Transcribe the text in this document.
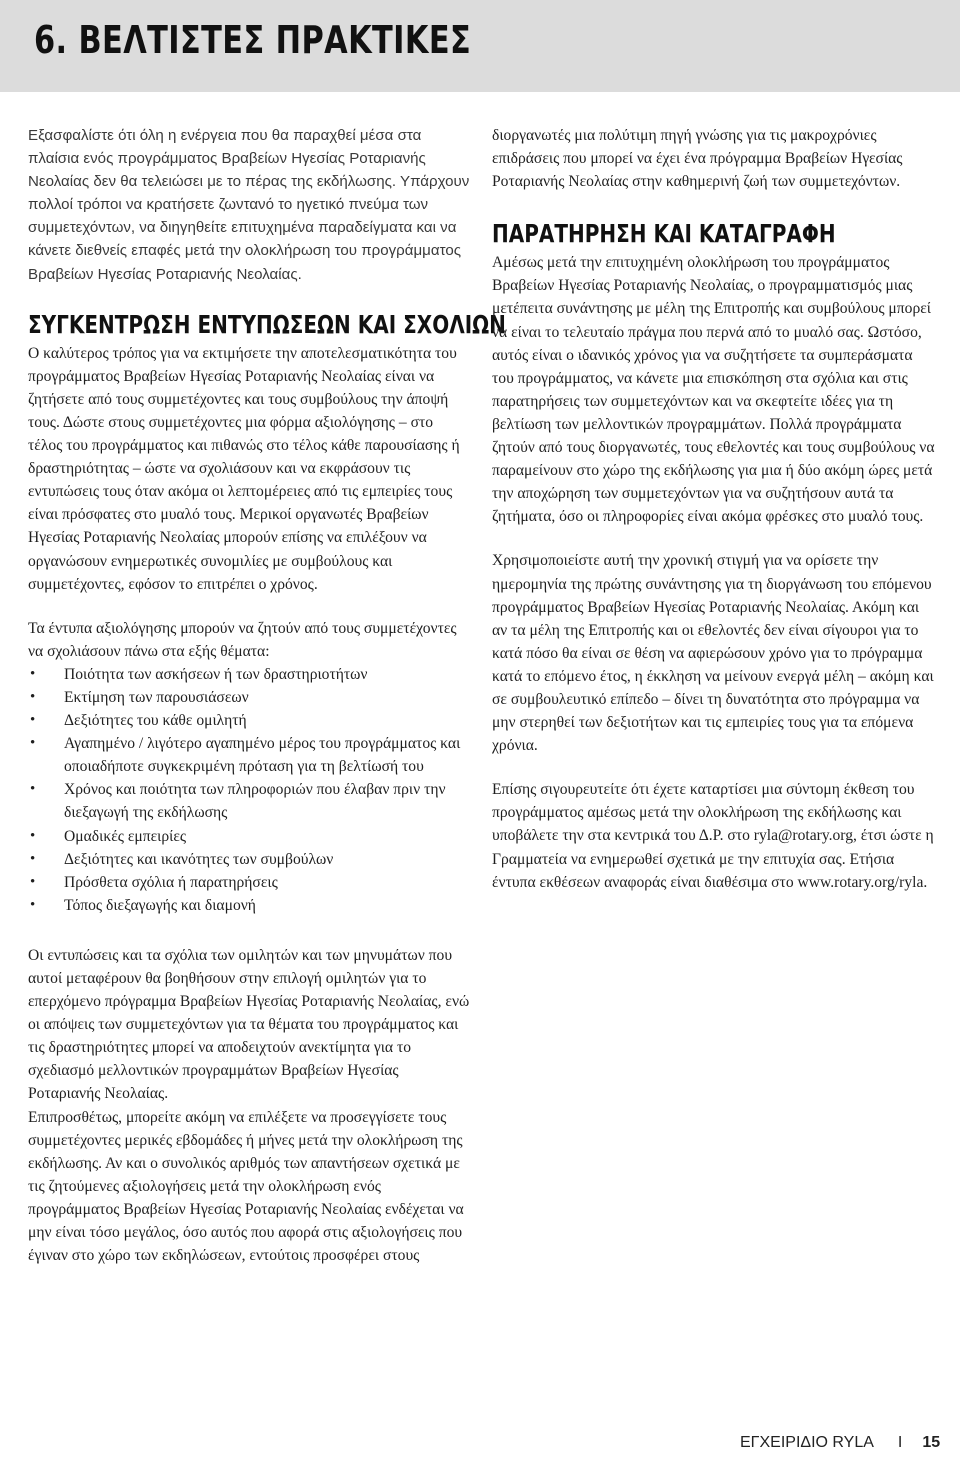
6. ΒΕΛΤΙΣΤΕΣ ΠΡΑΚΤΙΚΕΣ

Εξασφαλίστε ότι όλη η ενέργεια που θα παραχθεί μέσα στα πλαίσια ενός προγράμματος Βραβείων Ηγεσίας Ροταριανής Νεολαίας δεν θα τελειώσει με το πέρας της εκδήλωσης. Υπάρχουν πολλοί τρόποι να κρατήσετε ζωντανό το ηγετικό πνεύμα των συμμετεχόντων, να διηγηθείτε επιτυχημένα παραδείγματα και να κάνετε διεθνείς επαφές μετά την ολοκλήρωση του προγράμματος Βραβείων Ηγεσίας Ροταριανής Νεολαίας.

ΣΥΓΚΕΝΤΡΩΣΗ ΕΝΤΥΠΩΣΕΩΝ ΚΑΙ ΣΧΟΛΙΩΝ

Ο καλύτερος τρόπος για να εκτιμήσετε την αποτελεσματικότητα του προγράμματος Βραβείων Ηγεσίας Ροταριανής Νεολαίας είναι να ζητήσετε από τους συμμετέχοντες και τους συμβούλους την άποψή τους. Δώστε στους συμμετέχοντες μια φόρμα αξιολόγησης – στο τέλος του προγράμματος και πιθανώς στο τέλος κάθε παρουσίασης ή δραστηριότητας – ώστε να σχολιάσουν και να εκφράσουν τις εντυπώσεις τους όταν ακόμα οι λεπτομέρειες από τις εμπειρίες τους είναι πρόσφατες στο μυαλό τους. Μερικοί οργανωτές Βραβείων Ηγεσίας Ροταριανής Νεολαίας μπορούν επίσης να επιλέξουν να οργανώσουν ενημερωτικές συνομιλίες με συμβούλους και συμμετέχοντες, εφόσον το επιτρέπει ο χρόνος.

Τα έντυπα αξιολόγησης μπορούν να ζητούν από τους συμμετέχοντες να σχολιάσουν πάνω στα εξής θέματα:

• Ποιότητα των ασκήσεων ή των δραστηριοτήτων
• Εκτίμηση των παρουσιάσεων
• Δεξιότητες του κάθε ομιλητή
• Αγαπημένο / λιγότερο αγαπημένο μέρος του προγράμματος και οποιαδήποτε συγκεκριμένη πρόταση για τη βελτίωσή του
• Χρόνος και ποιότητα των πληροφοριών που έλαβαν πριν την διεξαγωγή της εκδήλωσης
• Ομαδικές εμπειρίες
• Δεξιότητες και ικανότητες των συμβούλων
• Πρόσθετα σχόλια ή παρατηρήσεις
• Τόπος διεξαγωγής και διαμονή

Οι εντυπώσεις και τα σχόλια των ομιλητών και των μηνυμάτων που αυτοί μεταφέρουν θα βοηθήσουν στην επιλογή ομιλητών για το επερχόμενο πρόγραμμα Βραβείων Ηγεσίας Ροταριανής Νεολαίας, ενώ οι απόψεις των συμμετεχόντων για τα θέματα του προγράμματος και τις δραστηριότητες μπορεί να αποδειχτούν ανεκτίμητα για το σχεδιασμό μελλοντικών προγραμμάτων Βραβείων Ηγεσίας Ροταριανής Νεολαίας.

Επιπροσθέτως, μπορείτε ακόμη να επιλέξετε να προσεγγίσετε τους συμμετέχοντες μερικές εβδομάδες ή μήνες μετά την ολοκλήρωση της εκδήλωσης. Αν και ο συνολικός αριθμός των απαντήσεων σχετικά με τις ζητούμενες αξιολογήσεις μετά την ολοκλήρωση ενός προγράμματος Βραβείων Ηγεσίας Ροταριανής Νεολαίας ενδέχεται να μην είναι τόσο μεγάλος, όσο αυτός που αφορά στις αξιολογήσεις που έγιναν στο χώρο των εκδηλώσεων, εντούτοις προσφέρει στους

διοργανωτές μια πολύτιμη πηγή γνώσης για τις μακροχρόνιες επιδράσεις που μπορεί να έχει ένα πρόγραμμα Βραβείων Ηγεσίας Ροταριανής Νεολαίας στην καθημερινή ζωή των συμμετεχόντων.

ΠΑΡΑΤΗΡΗΣΗ ΚΑΙ ΚΑΤΑΓΡΑΦΗ

Αμέσως μετά την επιτυχημένη ολοκλήρωση του προγράμματος Βραβείων Ηγεσίας Ροταριανής Νεολαίας, ο προγραμματισμός μιας μετέπειτα συνάντησης με μέλη της Επιτροπής και συμβούλους μπορεί να είναι το τελευταίο πράγμα που περνά από το μυαλό σας. Ωστόσο, αυτός είναι ο ιδανικός χρόνος για να συζητήσετε τα συμπεράσματα του προγράμματος, να κάνετε μια επισκόπηση στα σχόλια και στις παρατηρήσεις των συμμετεχόντων και να σκεφτείτε ιδέες για τη βελτίωση των μελλοντικών προγραμμάτων. Πολλά προγράμματα ζητούν από τους διοργανωτές, τους εθελοντές και τους συμβούλους να παραμείνουν στο χώρο της εκδήλωσης για μια ή δύο ακόμη ώρες μετά την αποχώρηση των συμμετεχόντων για να συζητήσουν αυτά τα ζητήματα, όσο οι πληροφορίες είναι ακόμα φρέσκες στο μυαλό τους.

Χρησιμοποιείστε αυτή την χρονική στιγμή για να ορίσετε την ημερομηνία της πρώτης συνάντησης για τη διοργάνωση του επόμενου προγράμματος Βραβείων Ηγεσίας Ροταριανής Νεολαίας. Ακόμη και αν τα μέλη της Επιτροπής και οι εθελοντές δεν είναι σίγουροι για το κατά πόσο θα είναι σε θέση να αφιερώσουν χρόνο για το πρόγραμμα κατά το επόμενο έτος, η έκκληση να μείνουν ενεργά μέλη – ακόμη και σε συμβουλευτικό επίπεδο – δίνει τη δυνατότητα στο πρόγραμμα να μην στερηθεί των δεξιοτήτων και τις εμπειρίες τους για τα επόμενα χρόνια.

Επίσης σιγουρευτείτε ότι έχετε καταρτίσει μια σύντομη έκθεση του προγράμματος αμέσως μετά την ολοκλήρωση της εκδήλωσης και υποβάλετε την στα κεντρικά του Δ.Ρ. στο ryla@rotary.org, έτσι ώστε η Γραμματεία να ενημερωθεί σχετικά με την επιτυχία σας. Ετήσια έντυπα εκθέσεων αναφοράς είναι διαθέσιμα στο www.rotary.org/ryla.

ΕΓΧΕΙΡΙΔΙΟ RYLA I 15
